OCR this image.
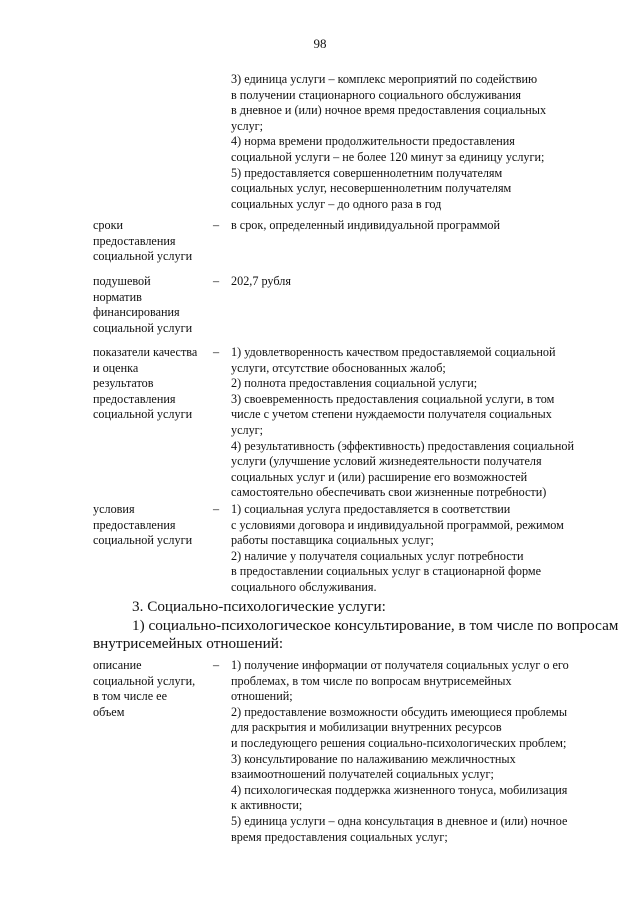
98
3) единица услуги – комплекс мероприятий по содействию
в получении стационарного социального обслуживания
в дневное и (или) ночное время предоставления социальных
услуг;
4) норма времени продолжительности предоставления
социальной услуги – не более 120 минут за единицу услуги;
5) предоставляется совершеннолетним получателям
социальных услуг, несовершеннолетним получателям
социальных услуг – до одного раза в год
сроки
предоставления
социальной услуги
– в срок, определенный индивидуальной программой
подушевой
норматив
финансирования
социальной услуги
– 202,7 рубля
показатели качества
и оценка
результатов
предоставления
социальной услуги
– 1) удовлетворенность качеством предоставляемой социальной
услуги, отсутствие обоснованных жалоб;
2) полнота предоставления социальной услуги;
3) своевременность предоставления социальной услуги, в том
числе с учетом степени нуждаемости получателя социальных
услуг;
4) результативность (эффективность) предоставления социальной
услуги (улучшение условий жизнедеятельности получателя
социальных услуг и (или) расширение его возможностей
самостоятельно обеспечивать свои жизненные потребности)
условия
предоставления
социальной услуги
– 1) социальная услуга предоставляется в соответствии
с условиями договора и индивидуальной программой, режимом
работы поставщика социальных услуг;
2) наличие у получателя социальных услуг потребности
в предоставлении социальных услуг в стационарной форме
социального обслуживания.
3. Социально-психологические услуги:
1) социально-психологическое консультирование, в том числе по вопросам
внутрисемейных отношений:
описание
социальной услуги,
в том числе ее
объем
– 1) получение информации от получателя социальных услуг о его
проблемах, в том числе по вопросам внутрисемейных
отношений;
2) предоставление возможности обсудить имеющиеся проблемы
для раскрытия и мобилизации внутренних ресурсов
и последующего решения социально-психологических проблем;
3) консультирование по налаживанию межличностных
взаимоотношений получателей социальных услуг;
4) психологическая поддержка жизненного тонуса, мобилизация
к активности;
5) единица услуги – одна консультация в дневное и (или) ночное
время предоставления социальных услуг;
